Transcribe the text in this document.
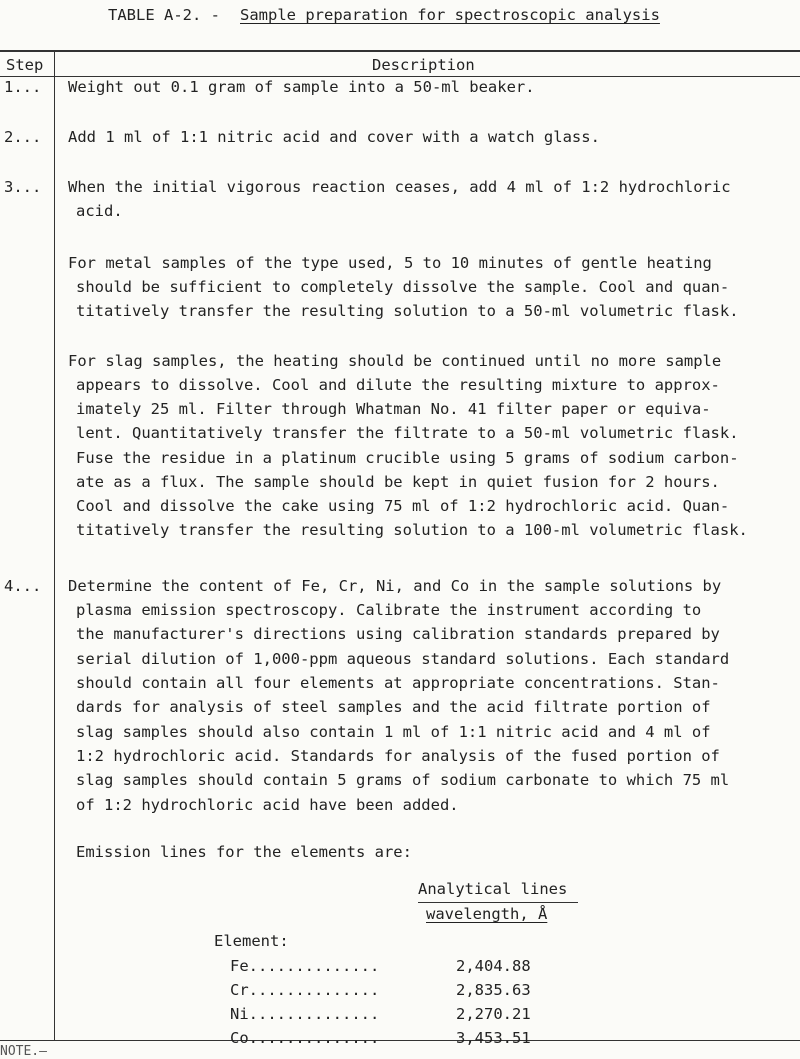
TABLE A-2. - Sample preparation for spectroscopic analysis
Step	Description
1... Weight out 0.1 gram of sample into a 50-ml beaker.
2... Add 1 ml of 1:1 nitric acid and cover with a watch glass.
3... When the initial vigorous reaction ceases, add 4 ml of 1:2 hydrochloric
acid.
For metal samples of the type used, 5 to 10 minutes of gentle heating
should be sufficient to completely dissolve the sample. Cool and quan-
titatively transfer the resulting solution to a 50-ml volumetric flask.
For slag samples, the heating should be continued until no more sample
appears to dissolve. Cool and dilute the resulting mixture to approx-
imately 25 ml. Filter through Whatman No. 41 filter paper or equiva-
lent. Quantitatively transfer the filtrate to a 50-ml volumetric flask.
Fuse the residue in a platinum crucible using 5 grams of sodium carbon-
ate as a flux. The sample should be kept in quiet fusion for 2 hours.
Cool and dissolve the cake using 75 ml of 1:2 hydrochloric acid. Quan-
titatively transfer the resulting solution to a 100-ml volumetric flask.
4... Determine the content of Fe, Cr, Ni, and Co in the sample solutions by
plasma emission spectroscopy. Calibrate the instrument according to
the manufacturer's directions using calibration standards prepared by
serial dilution of 1,000-ppm aqueous standard solutions. Each standard
should contain all four elements at appropriate concentrations. Stan-
dards for analysis of steel samples and the acid filtrate portion of
slag samples should also contain 1 ml of 1:1 nitric acid and 4 ml of
1:2 hydrochloric acid. Standards for analysis of the fused portion of
slag samples should contain 5 grams of sodium carbonate to which 75 ml
of 1:2 hydrochloric acid have been added.
Emission lines for the elements are:
Analytical lines
wavelength, Å
Element:
Fe..............	2,404.88
Cr..............	2,835.63
Ni..............	2,270.21
Co..............	3,453.51
NOTE.—
